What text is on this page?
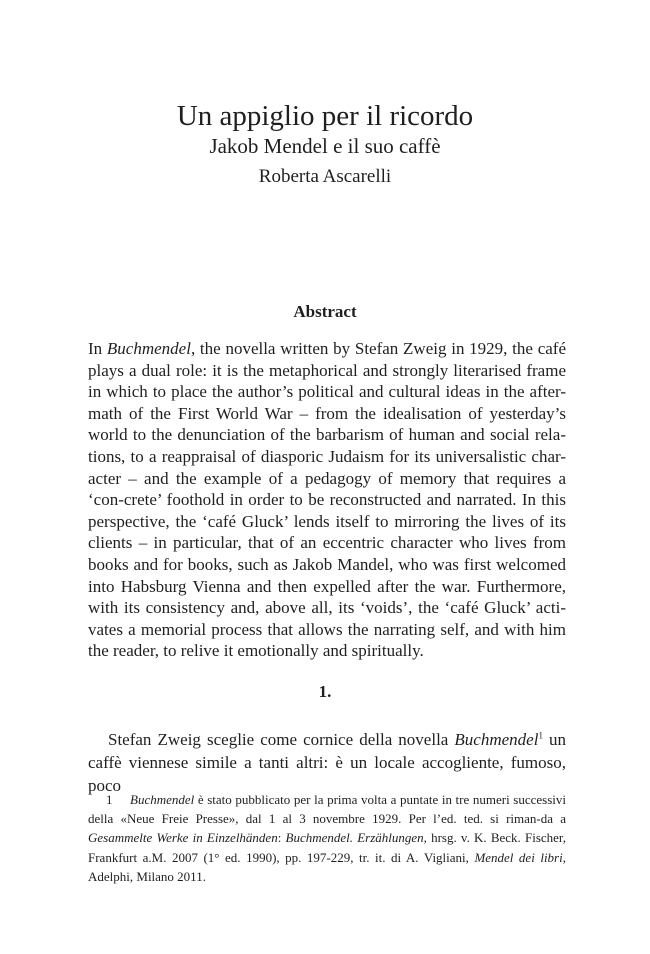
Un appiglio per il ricordo
Jakob Mendel e il suo caffè
Roberta Ascarelli
Abstract

In Buchmendel, the novella written by Stefan Zweig in 1929, the café plays a dual role: it is the metaphorical and strongly literarised frame in which to place the author’s political and cultural ideas in the after-math of the First World War – from the idealisation of yesterday’s world to the denunciation of the barbarism of human and social rela-tions, to a reappraisal of diasporic Judaism for its universalistic char-acter – and the example of a pedagogy of memory that requires a ‘con-crete’ foothold in order to be reconstructed and narrated. In this perspective, the ‘café Gluck’ lends itself to mirroring the lives of its clients – in particular, that of an eccentric character who lives from books and for books, such as Jakob Mandel, who was first welcomed into Habsburg Vienna and then expelled after the war. Furthermore, with its consistency and, above all, its ‘voids’, the ‘café Gluck’ acti-vates a memorial process that allows the narrating self, and with him the reader, to relive it emotionally and spiritually.

1.

Stefan Zweig sceglie come cornice della novella Buchmendel$^1$ un caffè viennese simile a tanti altri: è un locale accogliente, fumoso, poco

1 Buchmendel è stato pubblicato per la prima volta a puntate in tre numeri successivi della «Neue Freie Presse», dal 1 al 3 novembre 1929. Per l’ed. ted. si riman-da a Gesammelte Werke in Einzelhänden: Buchmendel. Erzählungen, hrsg. v. K. Beck. Fischer, Frankfurt a.M. 2007 (1° ed. 1990), pp. 197-229, tr. it. di A. Vigliani, Mendel dei libri, Adelphi, Milano 2011.
